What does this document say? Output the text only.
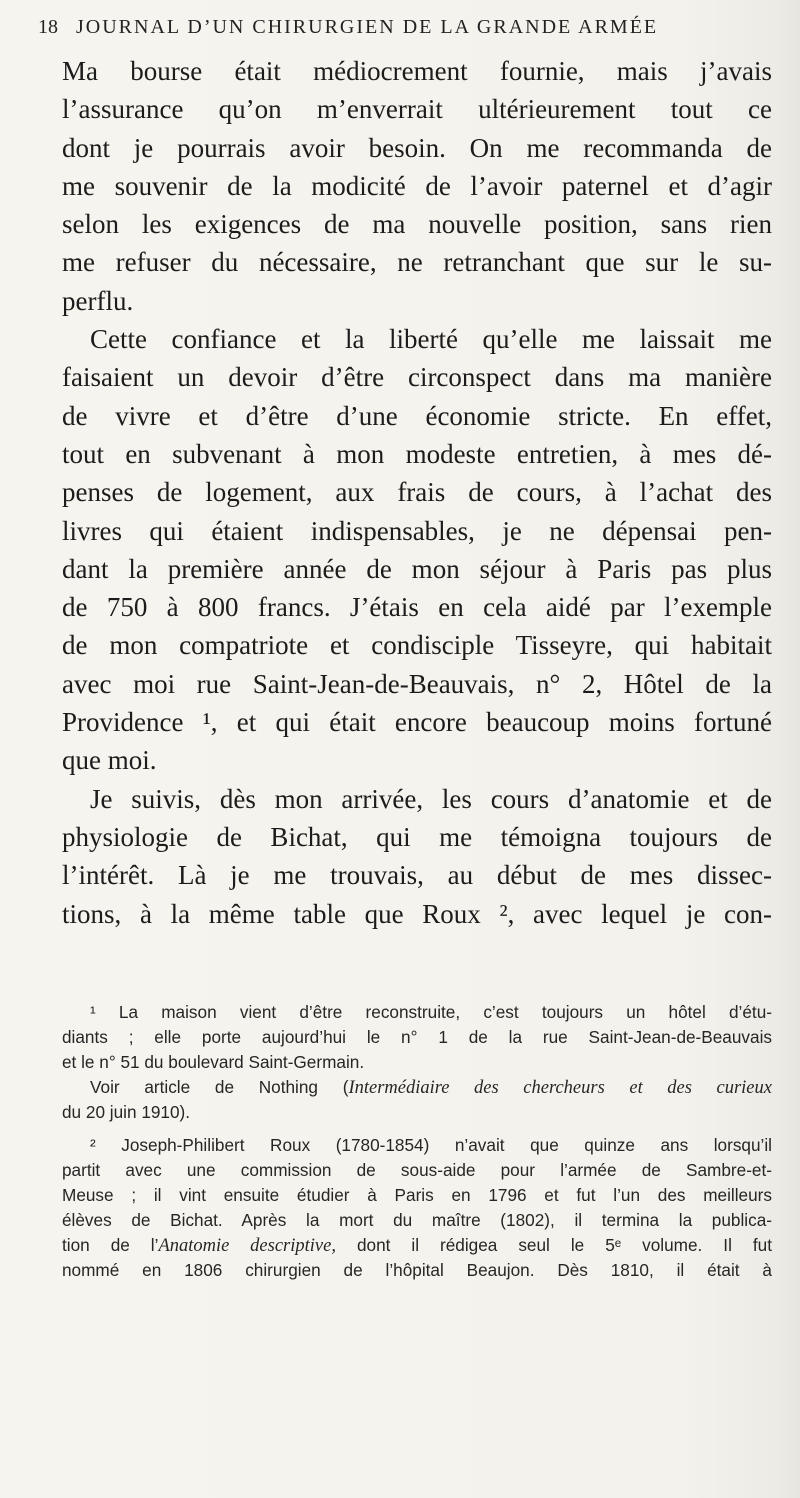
18 JOURNAL D’UN CHIRURGIEN DE LA GRANDE ARMÉE
Ma bourse était médiocrement fournie, mais j’avais
l’assurance qu’on m’enverrait ultérieurement tout ce
dont je pourrais avoir besoin. On me recommanda de
me souvenir de la modicité de l’avoir paternel et d’agir
selon les exigences de ma nouvelle position, sans rien
me refuser du nécessaire, ne retranchant que sur le su-
perflu.
Cette confiance et la liberté qu’elle me laissait me
faisaient un devoir d’être circonspect dans ma manière
de vivre et d’être d’une économie stricte. En effet,
tout en subvenant à mon modeste entretien, à mes dé-
penses de logement, aux frais de cours, à l’achat des
livres qui étaient indispensables, je ne dépensai pen-
dant la première année de mon séjour à Paris pas plus
de 750 à 800 francs. J’étais en cela aidé par l’exemple
de mon compatriote et condisciple Tisseyre, qui habitait
avec moi rue Saint-Jean-de-Beauvais, n° 2, Hôtel de la
Providence ¹, et qui était encore beaucoup moins fortuné
que moi.
Je suivis, dès mon arrivée, les cours d’anatomie et de
physiologie de Bichat, qui me témoigna toujours de
l’intérêt. Là je me trouvais, au début de mes dissec-
tions, à la même table que Roux ², avec lequel je con-
¹ La maison vient d’être reconstruite, c’est toujours un hôtel d’étu-
diants ; elle porte aujourd’hui le n° 1 de la rue Saint-Jean-de-Beauvais
et le n° 51 du boulevard Saint-Germain.
Voir article de Nothing (Intermédiaire des chercheurs et des curieux
du 20 juin 1910).
² Joseph-Philibert Roux (1780-1854) n’avait que quinze ans lorsqu’il
partit avec une commission de sous-aide pour l’armée de Sambre-et-
Meuse ; il vint ensuite étudier à Paris en 1796 et fut l’un des meilleurs
élèves de Bichat. Après la mort du maître (1802), il termina la publica-
tion de l’Anatomie descriptive, dont il rédigea seul le 5ᵉ volume. Il fut
nommé en 1806 chirurgien de l’hôpital Beaujon. Dès 1810, il était à
